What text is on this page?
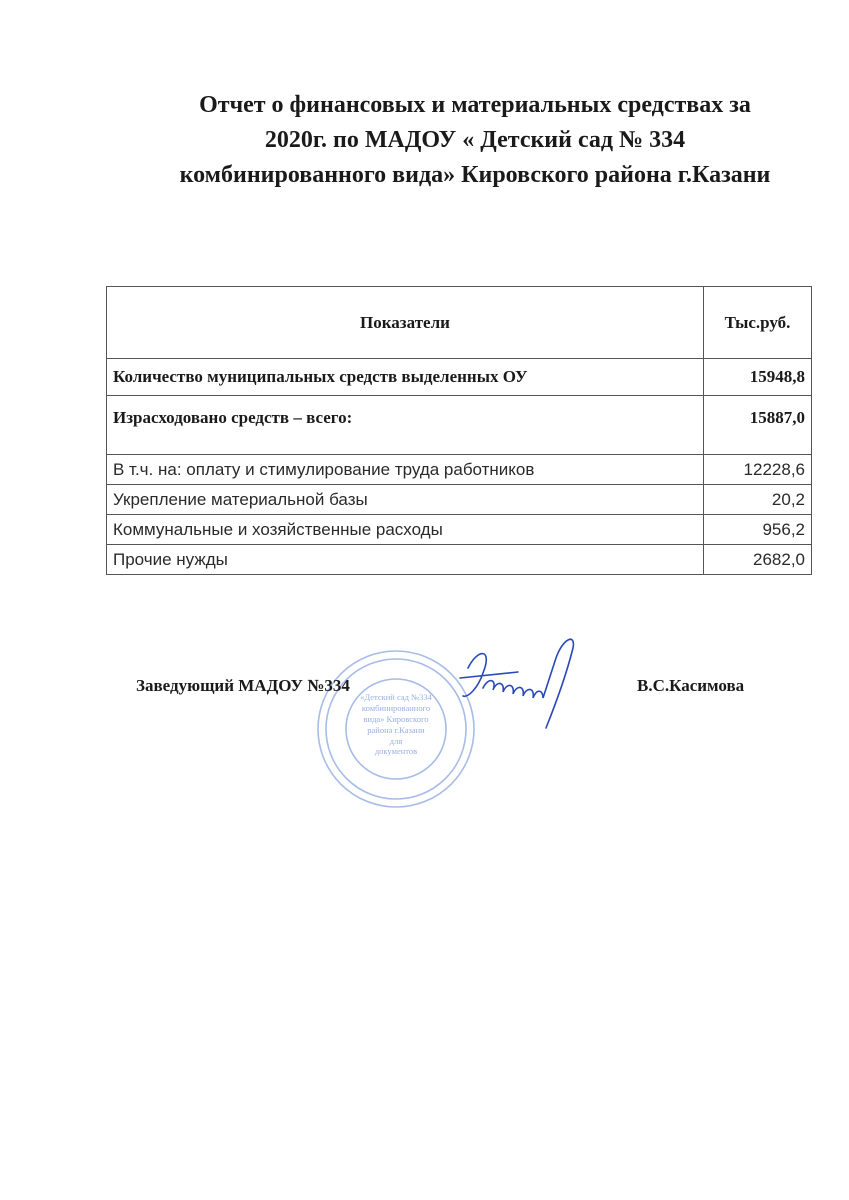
Отчет о финансовых и материальных средствах за
2020г. по МАДОУ « Детский сад № 334
комбинированного вида» Кировского района г.Казани
Показатели	Тыс.руб.
Количество муниципальных средств выделенных ОУ	15948,8
Израсходовано средств – всего:	15887,0
В т.ч. на: оплату и стимулирование труда работников	12228,6
Укрепление материальной базы	20,2
Коммунальные и хозяйственные расходы	956,2
Прочие нужды	2682,0
«Детский сад №334
комбинированного
вида» Кировского
района г.Казани
для
документов
Заведующий МАДОУ №334	В.С.Касимова
